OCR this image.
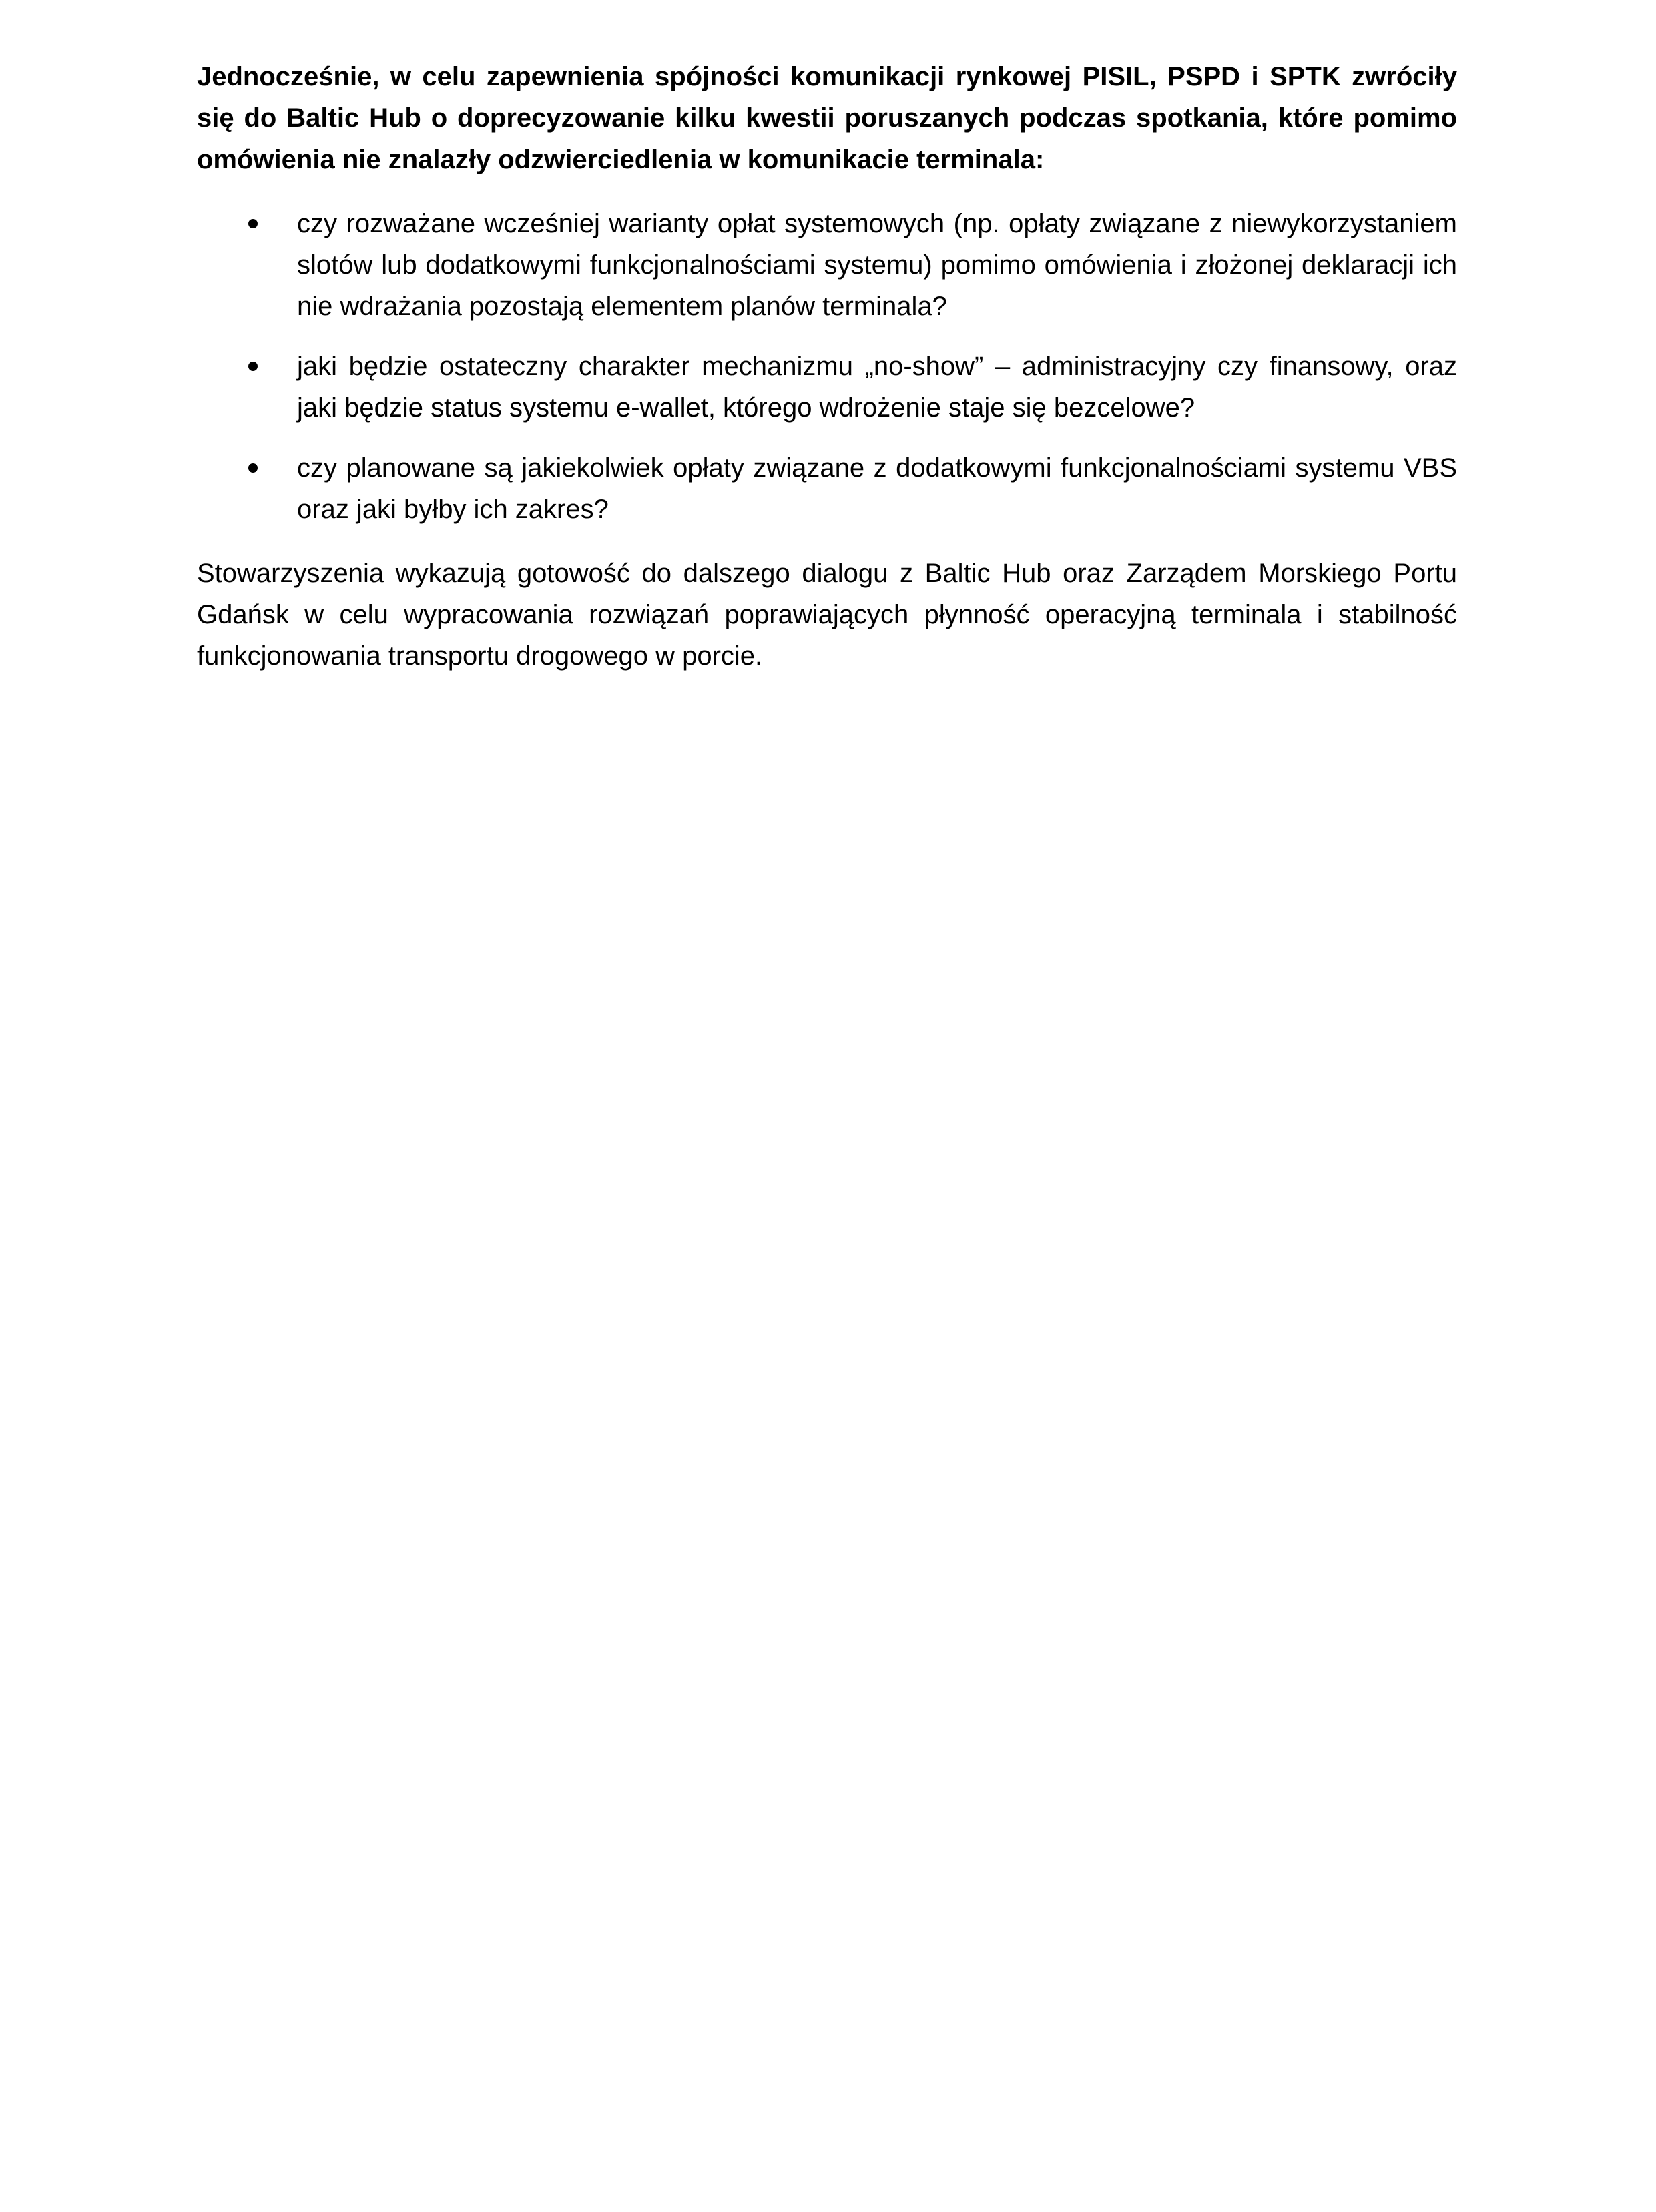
Jednocześnie, w celu zapewnienia spójności komunikacji rynkowej PISIL, PSPD i SPTK zwróciły się do Baltic Hub o doprecyzowanie kilku kwestii poruszanych podczas spotkania, które pomimo omówienia nie znalazły odzwierciedlenia w komunikacie terminala:

czy rozważane wcześniej warianty opłat systemowych (np. opłaty związane z niewykorzystaniem slotów lub dodatkowymi funkcjonalnościami systemu) pomimo omówienia i złożonej deklaracji ich nie wdrażania pozostają elementem planów terminala?
jaki będzie ostateczny charakter mechanizmu „no-show” – administracyjny czy finansowy, oraz jaki będzie status systemu e-wallet, którego wdrożenie staje się bezcelowe?
czy planowane są jakiekolwiek opłaty związane z dodatkowymi funkcjonalnościami systemu VBS oraz jaki byłby ich zakres?

Stowarzyszenia wykazują gotowość do dalszego dialogu z Baltic Hub oraz Zarządem Morskiego Portu Gdańsk w celu wypracowania rozwiązań poprawiających płynność operacyjną terminala i stabilność funkcjonowania transportu drogowego w porcie.
